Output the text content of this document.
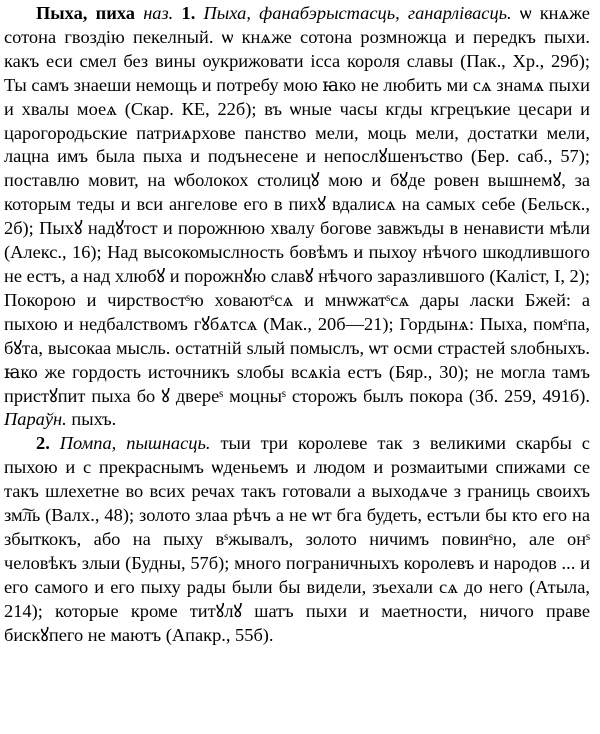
Пыха, пиха наз. 1. Пыха, фанабэрыстасць, ганарлівасць. ѡ кнѧже сотона гвоздію пекелный. ѡ кнѧже сотона розмножца и передкъ пыхи. какъ еси смел без вины оукрижовати ісса короля славы (Пак., Хр., 29б); Ты самъ знаеши немощь и потребу мою ꙗко не любить ми сѧ знамѧ пыхи и хвалы моеѧ (Скар. КЕ, 22б); въ ѡные часы кгды кгрецъкие цесари и царогородьские патриѧрхове панство мели, моць мели, достатки мели, лацна имъ была пыха и подънесене и непослꙋшенъство (Бер. саб., 57); поставлю мовит, на ѡболокох столицꙋ мою и бꙋде ровен вышнемꙋ, за которым теды и вси ангелове его в пихꙋ вдалисѧ на самых себе (Бельск., 2б); Пыхꙋ надꙋтост и порожнюю хвалу богове завжъды в ненависти мѣли (Алекс., 16); Над высокомыслность бовѣмъ и пыхоу нѣчого шкодлившого не естъ, а над хлюбꙋ и порожнꙋю славꙋ нѣчого заразлившого (Каліст, І, 2); Покорою и чирствостˢю ховаютˢсѧ и мнѡжатˢсѧ дары ласки Бжей: а пыхою и недбалствомъ гꙋбѧтсѧ (Мак., 20б—21); Гордынѧ: Пыха, помˢпа, бꙋта, высокаа мысль. остатній ѕлый помыслъ, ѡт осми страстей ѕлобныхъ. ꙗко же гордость источникъ ѕлобы всѧкіа естъ (Бяр., 30); не могла тамъ пристꙋпит пыха бо ꙋ двереˢ моцныˢ сторожъ былъ покора (Зб. 259, 491б). Параўн. пыхъ.

2. Помпа, пышнасць. тыи три королеве так з великими скарбы с пыхою и с прекраснымъ ѡденьемъ и людом и розмаитыми спижами се такъ шлехетне во всих речах такъ готовали а выходѧче з границь своихъ зм͠ль (Валх., 48); золото злаа рѣчъ а не ѡт бга будеть, естъли бы кто его на збыткокъ, або на пыху вˢжывалъ, золото ничимъ повинˢно, але онˢ человѣкъ злыи (Будны, 57б); много пограничныхъ королевъ и народов ... и его самого и его пыху рады были бы видели, зъехали сѧ до него (Атыла, 214); которые кроме титꙋлꙋ шатъ пыхи и маетности, ничого праве бискꙋпего не маютъ (Апакр., 55б).
